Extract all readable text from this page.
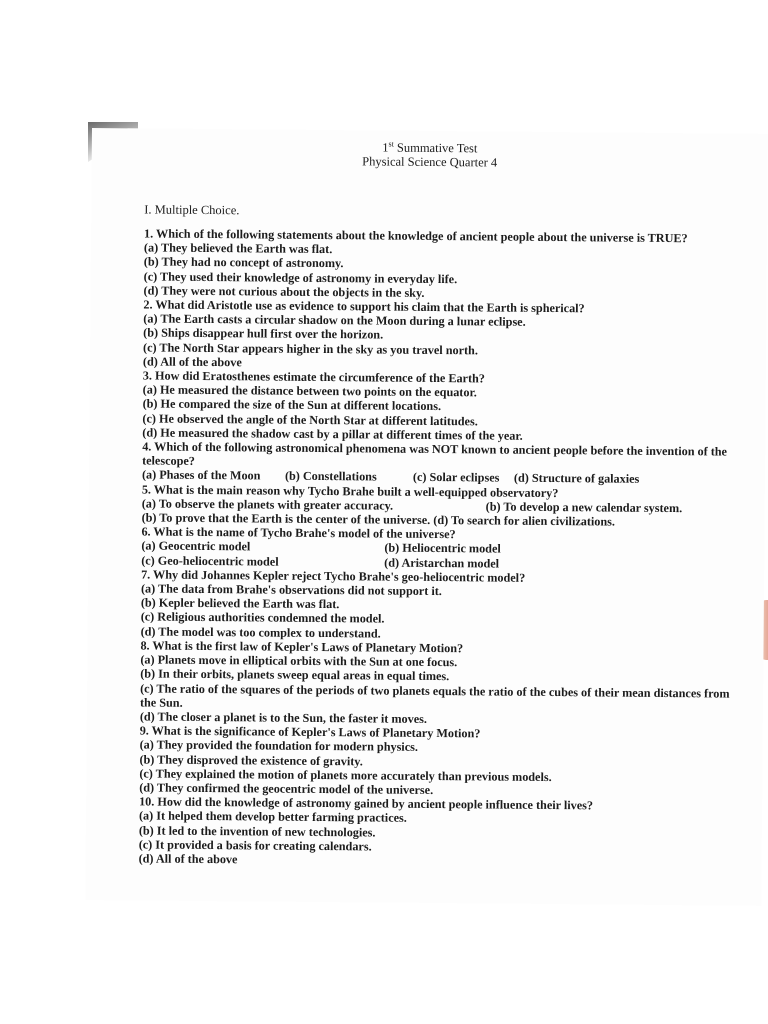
1st Summative Test
Physical Science Quarter 4
I. Multiple Choice.
1. Which of the following statements about the knowledge of ancient people about the universe is TRUE?
(a) They believed the Earth was flat.
(b) They had no concept of astronomy.
(c) They used their knowledge of astronomy in everyday life.
(d) They were not curious about the objects in the sky.
2. What did Aristotle use as evidence to support his claim that the Earth is spherical?
(a) The Earth casts a circular shadow on the Moon during a lunar eclipse.
(b) Ships disappear hull first over the horizon.
(c) The North Star appears higher in the sky as you travel north.
(d) All of the above
3. How did Eratosthenes estimate the circumference of the Earth?
(a) He measured the distance between two points on the equator.
(b) He compared the size of the Sun at different locations.
(c) He observed the angle of the North Star at different latitudes.
(d) He measured the shadow cast by a pillar at different times of the year.
4. Which of the following astronomical phenomena was NOT known to ancient people before the invention of the telescope?
(a) Phases of the Moon	(b) Constellations	(c) Solar eclipses	(d) Structure of galaxies
5. What is the main reason why Tycho Brahe built a well-equipped observatory?
(a) To observe the planets with greater accuracy.	(b) To develop a new calendar system.
(b) To prove that the Earth is the center of the universe.
(d) To search for alien civilizations.
6. What is the name of Tycho Brahe's model of the universe?
(a) Geocentric model	(b) Heliocentric model
(c) Geo-heliocentric model	(d) Aristarchan model
7. Why did Johannes Kepler reject Tycho Brahe's geo-heliocentric model?
(a) The data from Brahe's observations did not support it.
(b) Kepler believed the Earth was flat.
(c) Religious authorities condemned the model.
(d) The model was too complex to understand.
8. What is the first law of Kepler's Laws of Planetary Motion?
(a) Planets move in elliptical orbits with the Sun at one focus.
(b) In their orbits, planets sweep equal areas in equal times.
(c) The ratio of the squares of the periods of two planets equals the ratio of the cubes of their mean distances from the Sun.
(d) The closer a planet is to the Sun, the faster it moves.
9. What is the significance of Kepler's Laws of Planetary Motion?
(a) They provided the foundation for modern physics.
(b) They disproved the existence of gravity.
(c) They explained the motion of planets more accurately than previous models.
(d) They confirmed the geocentric model of the universe.
10. How did the knowledge of astronomy gained by ancient people influence their lives?
(a) It helped them develop better farming practices.
(b) It led to the invention of new technologies.
(c) It provided a basis for creating calendars.
(d) All of the above
